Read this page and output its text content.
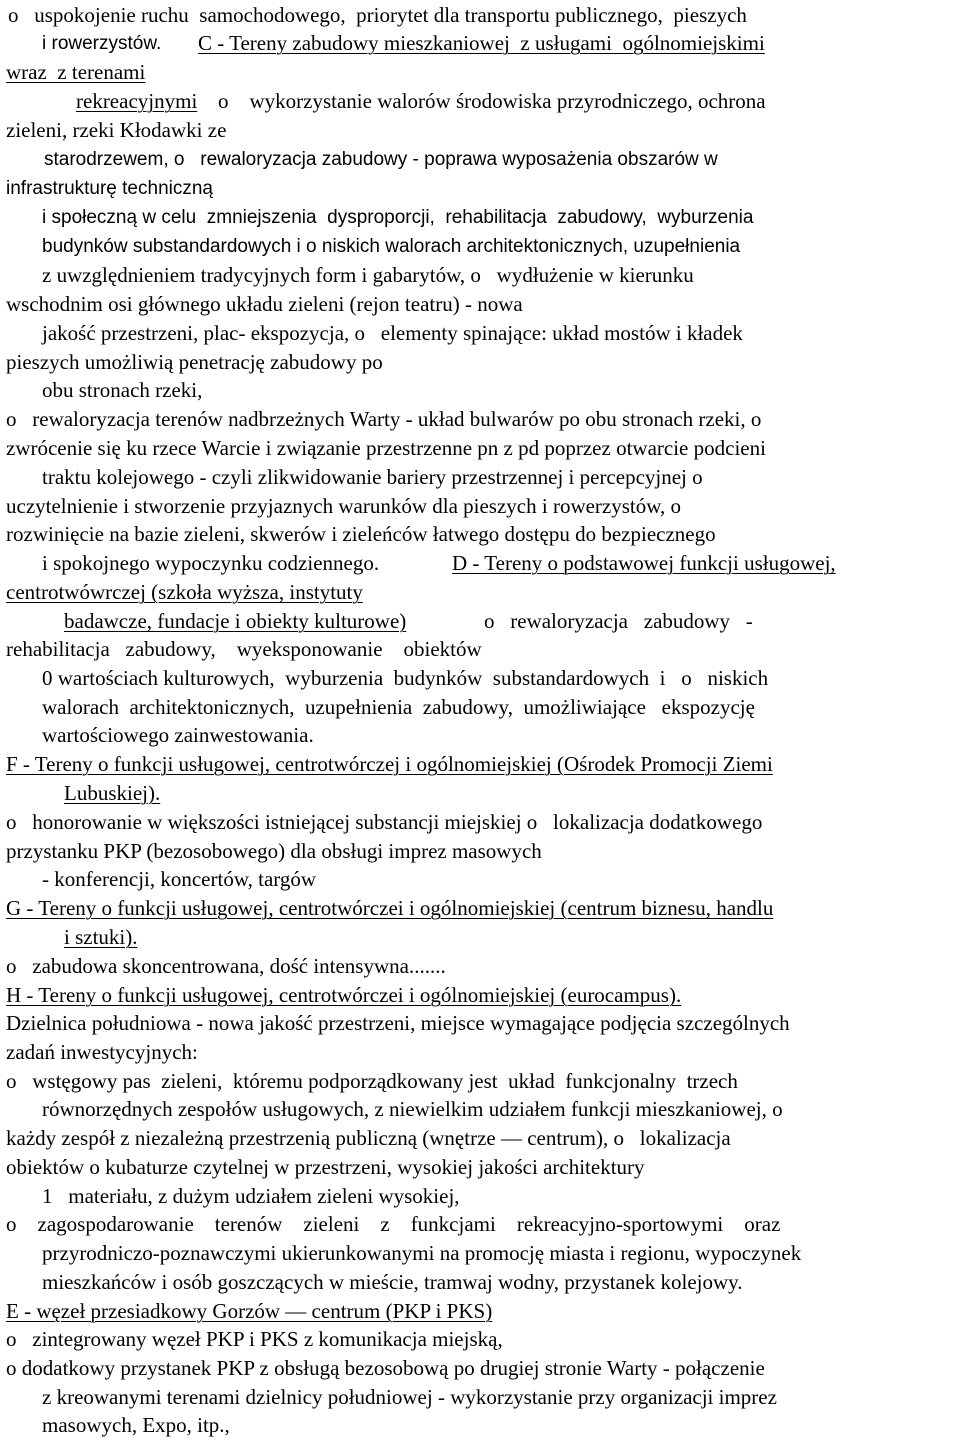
o   uspokojenie ruchu  samochodowego,  priorytet dla transportu publicznego,  pieszych
i rowerzystów. C - Tereny zabudowy mieszkaniowej  z usługami  ogólnomiejskimi
wraz  z terenami
rekreacyjnymi o    wykorzystanie walorów środowiska przyrodniczego, ochrona
zieleni, rzeki Kłodawki ze
starodrzewem, o   rewaloryzacja zabudowy - poprawa wyposażenia obszarów w
infrastrukturę techniczną
i społeczną w celu  zmniejszenia  dysproporcji,  rehabilitacja  zabudowy,  wyburzenia
budynków substandardowych i o niskich walorach architektonicznych, uzupełnienia
z uwzględnieniem tradycyjnych form i gabarytów, o   wydłużenie w kierunku
wschodnim osi głównego układu zieleni (rejon teatru) - nowa
jakość przestrzeni, plac- ekspozycja, o   elementy spinające: układ mostów i kładek
pieszych umożliwią penetrację zabudowy po
obu stronach rzeki,
o   rewaloryzacja terenów nadbrzeżnych Warty - układ bulwarów po obu stronach rzeki, o
zwrócenie się ku rzece Warcie i związanie przestrzenne pn z pd poprzez otwarcie podcieni
traktu kolejowego - czyli zlikwidowanie bariery przestrzennej i percepcyjnej o
uczytelnienie i stworzenie przyjaznych warunków dla pieszych i rowerzystów, o
rozwinięcie na bazie zieleni, skwerów i zieleńców łatwego dostępu do bezpiecznego
i spokojnego wypoczynku codziennego.	D - Tereny o podstawowej funkcji usługowej,
centrotwówrczej (szkoła wyższa, instytuty
badawcze, fundacje i obiekty kulturowe)	o   rewaloryzacja   zabudowy   -
rehabilitacja   zabudowy,    wyeksponowanie    obiektów
0 wartościach kulturowych,  wyburzenia  budynków  substandardowych  i   o   niskich
walorach  architektonicznych,  uzupełnienia  zabudowy,  umożliwiające   ekspozycję
wartościowego zainwestowania.
F - Tereny o funkcji usługowej, centrotwórczej i ogólnomiejskiej (Ośrodek Promocji Ziemi
Lubuskiej).
o   honorowanie w większości istniejącej substancji miejskiej o   lokalizacja dodatkowego
przystanku PKP (bezosobowego) dla obsługi imprez masowych
- konferencji, koncertów, targów
G - Tereny o funkcji usługowej, centrotwórczei i ogólnomiejskiej (centrum biznesu, handlu
i sztuki).
o   zabudowa skoncentrowana, dość intensywna.......
H - Tereny o funkcji usługowej, centrotwórczei i ogólnomiejskiej (eurocampus).
Dzielnica południowa - nowa jakość przestrzeni, miejsce wymagające podjęcia szczególnych
zadań inwestycyjnych:
o   wstęgowy pas  zieleni,  któremu podporządkowany jest  układ  funkcjonalny  trzech
równorzędnych zespołów usługowych, z niewielkim udziałem funkcji mieszkaniowej, o
każdy zespół z niezależną przestrzenią publiczną (wnętrze — centrum), o   lokalizacja
obiektów o kubaturze czytelnej w przestrzeni, wysokiej jakości architektury
1   materiału, z dużym udziałem zieleni wysokiej,
o    zagospodarowanie    terenów    zieleni    z    funkcjami    rekreacyjno-sportowymi    oraz
przyrodniczo-poznawczymi ukierunkowanymi na promocję miasta i regionu, wypoczynek
mieszkańców i osób goszczących w mieście, tramwaj wodny, przystanek kolejowy.
E - węzeł przesiadkowy Gorzów — centrum (PKP i PKS)
o   zintegrowany węzeł PKP i PKS z komunikacja miejską,
o dodatkowy przystanek PKP z obsługą bezosobową po drugiej stronie Warty - połączenie
z kreowanymi terenami dzielnicy południowej - wykorzystanie przy organizacji imprez
masowych, Expo, itp.,
